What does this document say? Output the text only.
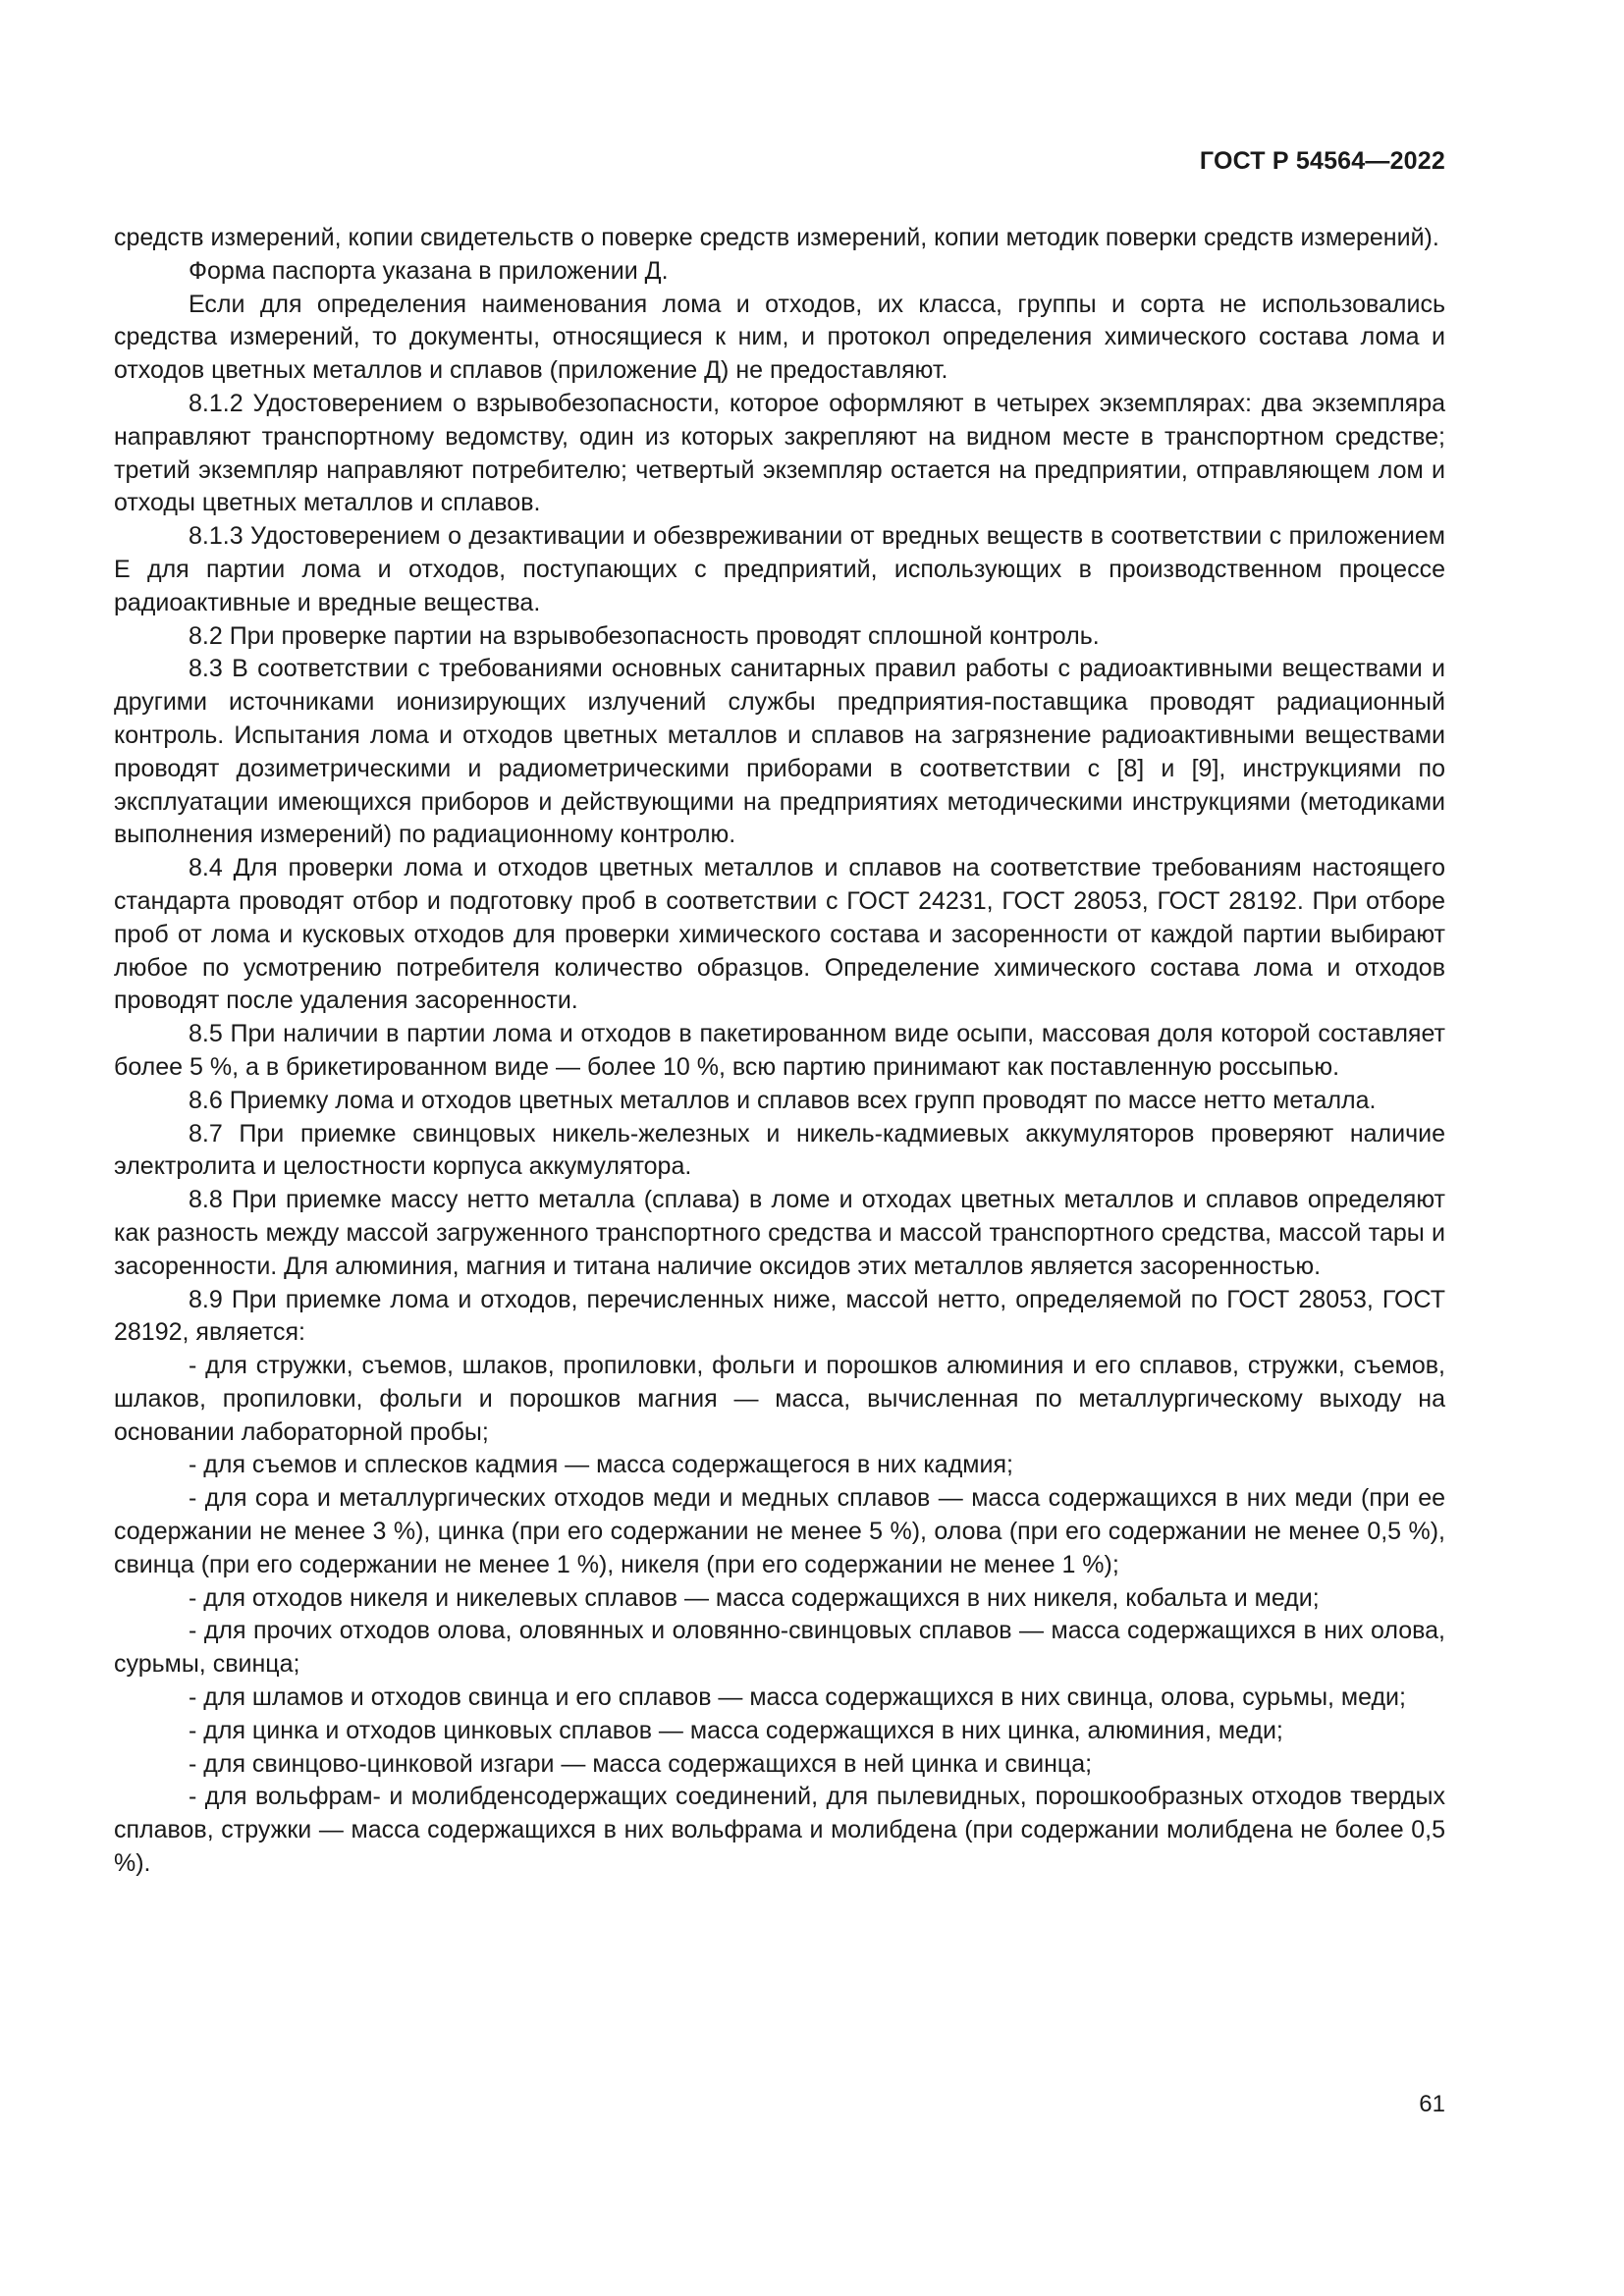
ГОСТ Р 54564—2022

средств измерений, копии свидетельств о поверке средств измерений, копии методик поверки средств измерений).

Форма паспорта указана в приложении Д.

Если для определения наименования лома и отходов, их класса, группы и сорта не использовались средства измерений, то документы, относящиеся к ним, и протокол определения химического состава лома и отходов цветных металлов и сплавов (приложение Д) не предоставляют.

8.1.2 Удостоверением о взрывобезопасности, которое оформляют в четырех экземплярах: два экземпляра направляют транспортному ведомству, один из которых закрепляют на видном месте в транспортном средстве; третий экземпляр направляют потребителю; четвертый экземпляр остается на предприятии, отправляющем лом и отходы цветных металлов и сплавов.

8.1.3 Удостоверением о дезактивации и обезвреживании от вредных веществ в соответствии с приложением Е для партии лома и отходов, поступающих с предприятий, использующих в производственном процессе радиоактивные и вредные вещества.

8.2 При проверке партии на взрывобезопасность проводят сплошной контроль.

8.3 В соответствии с требованиями основных санитарных правил работы с радиоактивными веществами и другими источниками ионизирующих излучений службы предприятия-поставщика проводят радиационный контроль. Испытания лома и отходов цветных металлов и сплавов на загрязнение радиоактивными веществами проводят дозиметрическими и радиометрическими приборами в соответствии с [8] и [9], инструкциями по эксплуатации имеющихся приборов и действующими на предприятиях методическими инструкциями (методиками выполнения измерений) по радиационному контролю.

8.4 Для проверки лома и отходов цветных металлов и сплавов на соответствие требованиям настоящего стандарта проводят отбор и подготовку проб в соответствии с ГОСТ 24231, ГОСТ 28053, ГОСТ 28192. При отборе проб от лома и кусковых отходов для проверки химического состава и засоренности от каждой партии выбирают любое по усмотрению потребителя количество образцов. Определение химического состава лома и отходов проводят после удаления засоренности.

8.5 При наличии в партии лома и отходов в пакетированном виде осыпи, массовая доля которой составляет более 5 %, а в брикетированном виде — более 10 %, всю партию принимают как поставленную россыпью.

8.6 Приемку лома и отходов цветных металлов и сплавов всех групп проводят по массе нетто металла.

8.7 При приемке свинцовых никель-железных и никель-кадмиевых аккумуляторов проверяют наличие электролита и целостности корпуса аккумулятора.

8.8 При приемке массу нетто металла (сплава) в ломе и отходах цветных металлов и сплавов определяют как разность между массой загруженного транспортного средства и массой транспортного средства, массой тары и засоренности. Для алюминия, магния и титана наличие оксидов этих металлов является засоренностью.

8.9 При приемке лома и отходов, перечисленных ниже, массой нетто, определяемой по ГОСТ 28053, ГОСТ 28192, является:

- для стружки, съемов, шлаков, пропиловки, фольги и порошков алюминия и его сплавов, стружки, съемов, шлаков, пропиловки, фольги и порошков магния — масса, вычисленная по металлургическому выходу на основании лабораторной пробы;

- для съемов и сплесков кадмия — масса содержащегося в них кадмия;

- для сора и металлургических отходов меди и медных сплавов — масса содержащихся в них меди (при ее содержании не менее 3 %), цинка (при его содержании не менее 5 %), олова (при его содержании не менее 0,5 %), свинца (при его содержании не менее 1 %), никеля (при его содержании не менее 1 %);

- для отходов никеля и никелевых сплавов — масса содержащихся в них никеля, кобальта и меди;

- для прочих отходов олова, оловянных и оловянно-свинцовых сплавов — масса содержащихся в них олова, сурьмы, свинца;

- для шламов и отходов свинца и его сплавов — масса содержащихся в них свинца, олова, сурьмы, меди;

- для цинка и отходов цинковых сплавов — масса содержащихся в них цинка, алюминия, меди;

- для свинцово-цинковой изгари — масса содержащихся в ней цинка и свинца;

- для вольфрам- и молибденсодержащих соединений, для пылевидных, порошкообразных отходов твердых сплавов, стружки — масса содержащихся в них вольфрама и молибдена (при содержании молибдена не более 0,5 %).

61
